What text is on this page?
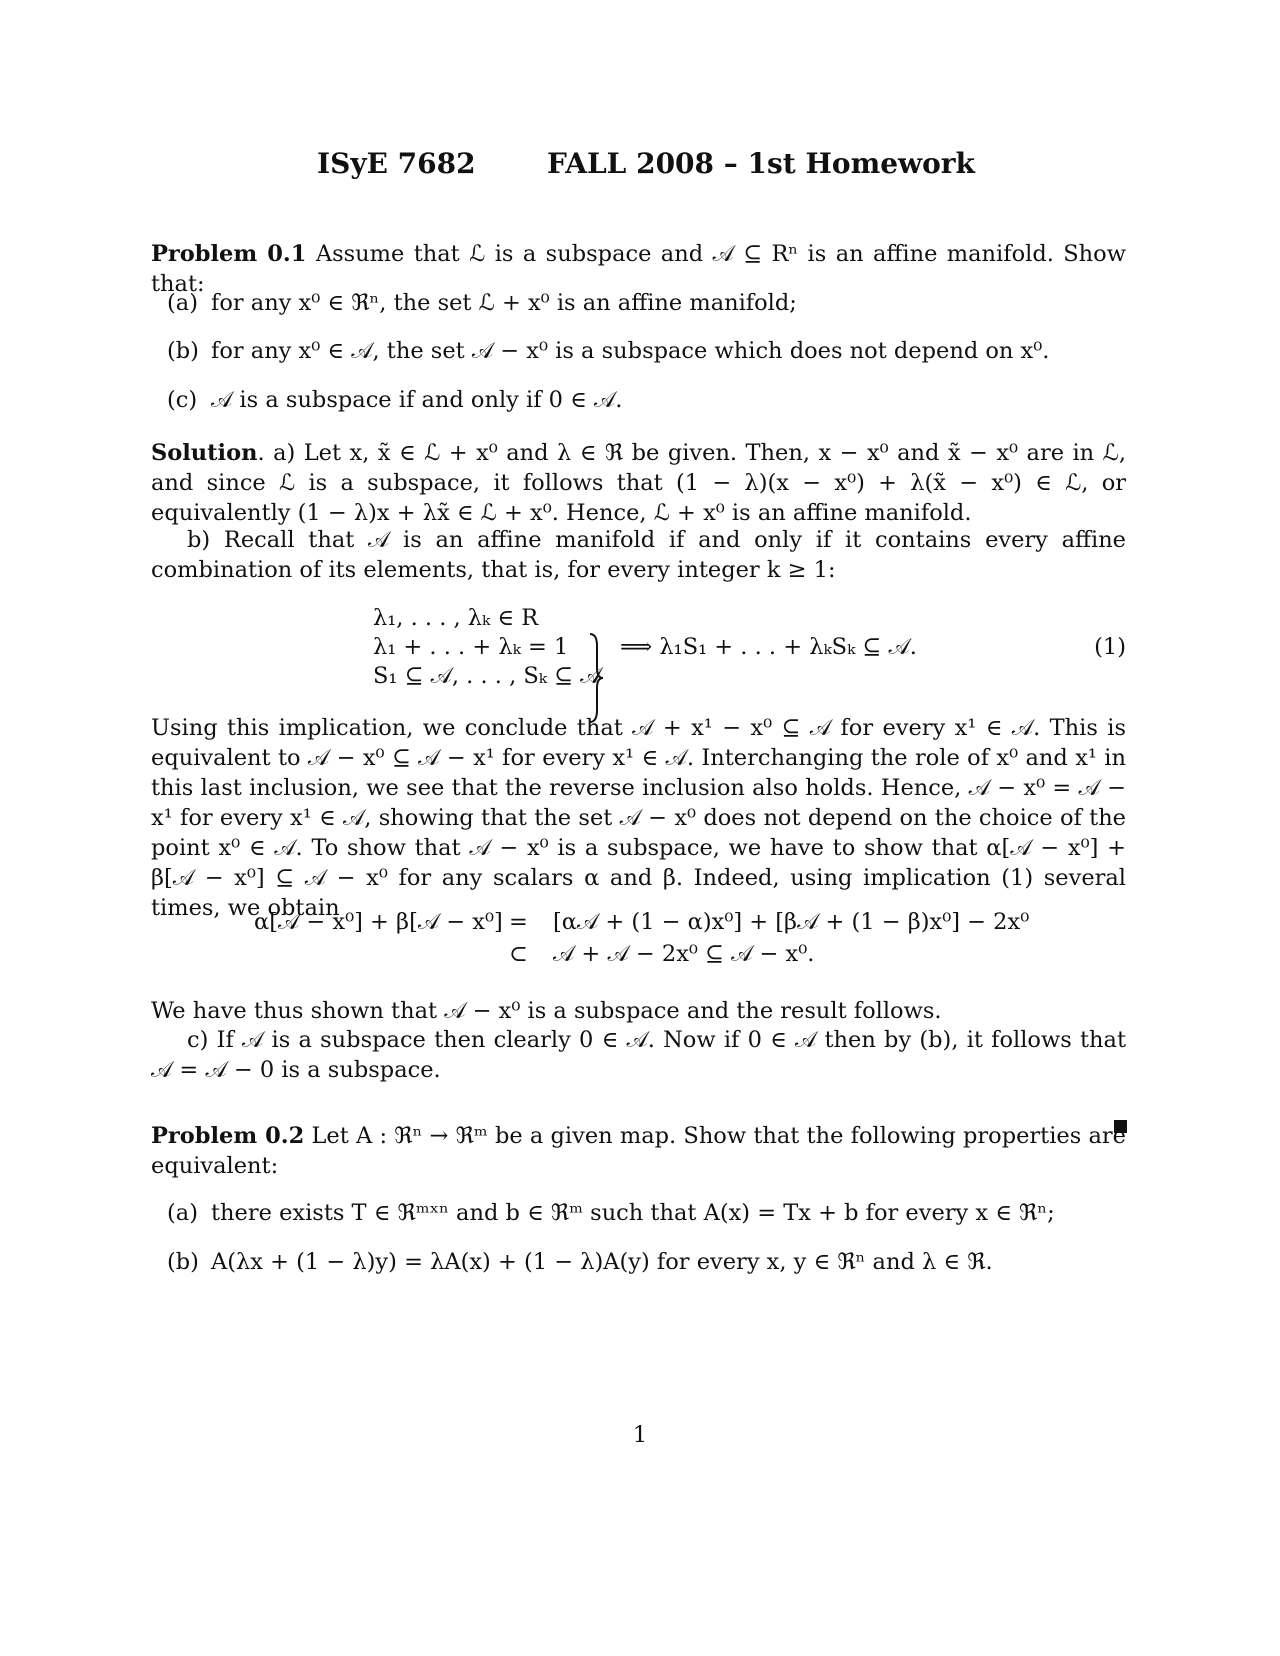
ISyE 7682	FALL 2008 – 1st Homework
Problem 0.1 Assume that ℒ is a subspace and 𝒜 ⊆ Rⁿ is an affine manifold. Show that:
(a) for any x⁰ ∈ ℜⁿ, the set ℒ + x⁰ is an affine manifold;
(b) for any x⁰ ∈ 𝒜, the set 𝒜 − x⁰ is a subspace which does not depend on x⁰.
(c) 𝒜 is a subspace if and only if 0 ∈ 𝒜.
Solution. a) Let x, x̃ ∈ ℒ + x⁰ and λ ∈ ℜ be given. Then, x − x⁰ and x̃ − x⁰ are in ℒ, and since ℒ is a subspace, it follows that (1 − λ)(x − x⁰) + λ(x̃ − x⁰) ∈ ℒ, or equivalently (1 − λ)x + λx̃ ∈ ℒ + x⁰. Hence, ℒ + x⁰ is an affine manifold.
b) Recall that 𝒜 is an affine manifold if and only if it contains every affine combination of its elements, that is, for every integer k ≥ 1:
λ₁, . . . , λₖ ∈ R
λ₁ + . . . + λₖ = 1
S₁ ⊆ 𝒜, . . . , Sₖ ⊆ 𝒜
⟹ λ₁S₁ + . . . + λₖSₖ ⊆ 𝒜.	(1)
Using this implication, we conclude that 𝒜 + x¹ − x⁰ ⊆ 𝒜 for every x¹ ∈ 𝒜. This is equivalent to 𝒜 − x⁰ ⊆ 𝒜 − x¹ for every x¹ ∈ 𝒜. Interchanging the role of x⁰ and x¹ in this last inclusion, we see that the reverse inclusion also holds. Hence, 𝒜 − x⁰ = 𝒜 − x¹ for every x¹ ∈ 𝒜, showing that the set 𝒜 − x⁰ does not depend on the choice of the point x⁰ ∈ 𝒜. To show that 𝒜 − x⁰ is a subspace, we have to show that α[𝒜 − x⁰] + β[𝒜 − x⁰] ⊆ 𝒜 − x⁰ for any scalars α and β. Indeed, using implication (1) several times, we obtain
α[𝒜 − x⁰] + β[𝒜 − x⁰] = [α𝒜 + (1 − α)x⁰] + [β𝒜 + (1 − β)x⁰] − 2x⁰
⊂ 𝒜 + 𝒜 − 2x⁰ ⊆ 𝒜 − x⁰.
We have thus shown that 𝒜 − x⁰ is a subspace and the result follows.
c) If 𝒜 is a subspace then clearly 0 ∈ 𝒜. Now if 0 ∈ 𝒜 then by (b), it follows that 𝒜 = 𝒜 − 0 is a subspace.
Problem 0.2 Let A : ℜⁿ → ℜᵐ be a given map. Show that the following properties are equivalent:
(a) there exists T ∈ ℜᵐˣⁿ and b ∈ ℜᵐ such that A(x) = Tx + b for every x ∈ ℜⁿ;
(b) A(λx + (1 − λ)y) = λA(x) + (1 − λ)A(y) for every x, y ∈ ℜⁿ and λ ∈ ℜ.
1
